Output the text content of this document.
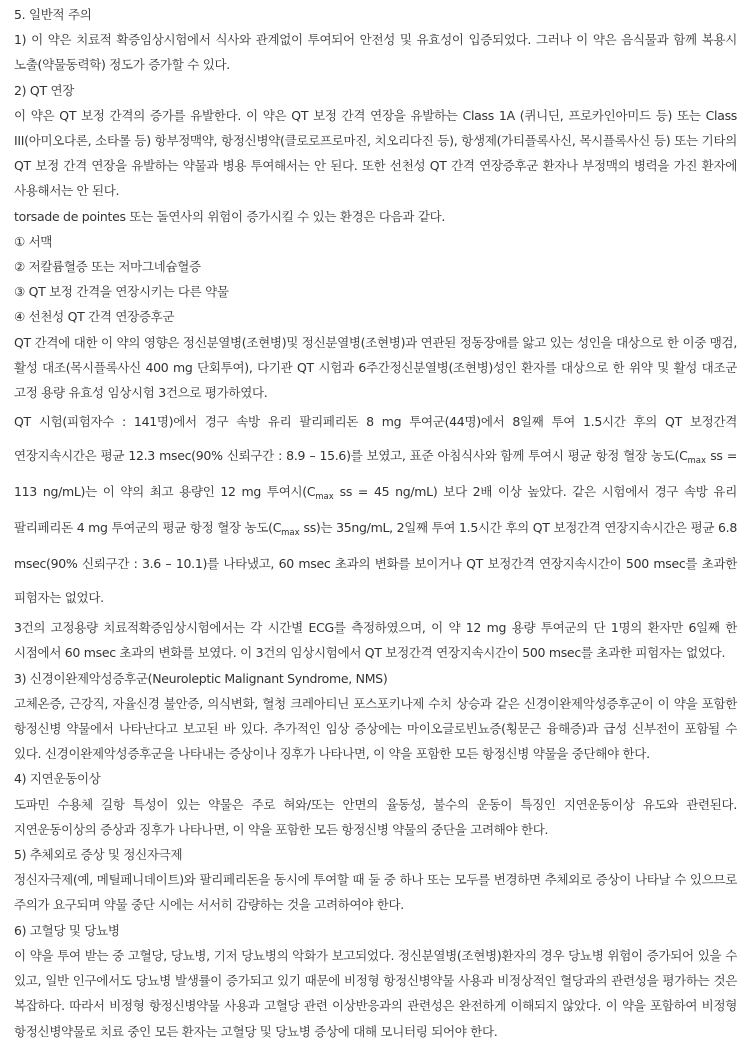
5. 일반적 주의

1) 이 약은 치료적 확증임상시험에서 식사와 관계없이 투여되어 안전성 및 유효성이 입증되었다. 그러나 이 약은 음식물과 함께 복용시 노출(약물동력학) 정도가 증가할 수 있다.

2) QT 연장

이 약은 QT 보정 간격의 증가를 유발한다. 이 약은 QT 보정 간격 연장을 유발하는 Class 1A (퀴니딘, 프로카인아미드 등) 또는 Class III(아미오다론, 소타롤 등) 항부정맥약, 항정신병약(클로로프로마진, 치오리다진 등), 항생제(가티플록사신, 목시플록사신 등) 또는 기타의 QT 보정 간격 연장을 유발하는 약물과 병용 투여해서는 안 된다. 또한 선천성 QT 간격 연장증후군 환자나 부정맥의 병력을 가진 환자에 사용해서는 안 된다.

torsade de pointes 또는 돌연사의 위험이 증가시킬 수 있는 환경은 다음과 같다.

① 서맥

② 저칼륨혈증 또는 저마그네슘혈증

③ QT 보정 간격을 연장시키는 다른 약물

④ 선천성 QT 간격 연장증후군

QT 간격에 대한 이 약의 영향은 정신분열병(조현병)및 정신분열병(조현병)과 연관된 정동장애를 앓고 있는 성인을 대상으로 한 이중 맹검, 활성 대조(목시플록사신 400 mg 단회투여), 다기관 QT 시험과 6주간정신분열병(조현병)성인 환자를 대상으로 한 위약 및 활성 대조군 고정 용량 유효성 임상시험 3건으로 평가하였다.

QT 시험(피험자수 : 141명)에서 경구 속방 유리 팔리페리돈 8 mg 투여군(44명)에서 8일째 투여 1.5시간 후의 QT 보정간격 연장지속시간은 평균 12.3 msec(90% 신뢰구간 : 8.9 – 15.6)를 보였고, 표준 아침식사와 함께 투여시 평균 항정 혈장 농도($C_{max}$ ss = 113 ng/mL)는 이 약의 최고 용량인 12 mg 투여시($C_{max}$ ss = 45 ng/mL) 보다 2배 이상 높았다. 같은 시험에서 경구 속방 유리 팔리페리돈 4 mg 투여군의 평균 항정 혈장 농도($C_{max}$ ss)는 35ng/mL, 2일째 투여 1.5시간 후의 QT 보정간격 연장지속시간은 평균 6.8 msec(90% 신뢰구간 : 3.6 – 10.1)를 나타냈고, 60 msec 초과의 변화를 보이거나 QT 보정간격 연장지속시간이 500 msec를 초과한 피험자는 없었다.

3건의 고정용량 치료적확증임상시험에서는 각 시간별 ECG를 측정하였으며, 이 약 12 mg 용량 투여군의 단 1명의 환자만 6일째 한 시점에서 60 msec 초과의 변화를 보였다. 이 3건의 임상시험에서 QT 보정간격 연장지속시간이 500 msec를 초과한 피험자는 없었다.

3) 신경이완제악성증후군(Neuroleptic Malignant Syndrome, NMS)

고체온증, 근강직, 자율신경 불안증, 의식변화, 혈청 크레아티닌 포스포키나제 수치 상승과 같은 신경이완제악성증후군이 이 약을 포함한 항정신병 약물에서 나타난다고 보고된 바 있다. 추가적인 임상 증상에는 마이오글로빈뇨증(횡문근 융해증)과 급성 신부전이 포함될 수 있다. 신경이완제악성증후군을 나타내는 증상이나 징후가 나타나면, 이 약을 포함한 모든 항정신병 약물을 중단해야 한다.

4) 지연운동이상

도파민 수용체 길항 특성이 있는 약물은 주로 혀와/또는 안면의 율동성, 불수의 운동이 특징인 지연운동이상 유도와 관련된다. 지연운동이상의 증상과 징후가 나타나면, 이 약을 포함한 모든 항정신병 약물의 중단을 고려해야 한다.

5) 추체외로 증상 및 정신자극제

정신자극제(예, 메틸페니데이트)와 팔리페리돈을 동시에 투여할 때 둘 중 하나 또는 모두를 변경하면 추체외로 증상이 나타날 수 있으므로 주의가 요구되며 약물 중단 시에는 서서히 감량하는 것을 고려하여야 한다.

6) 고혈당 및 당뇨병

이 약을 투여 받는 중 고혈당, 당뇨병, 기저 당뇨병의 악화가 보고되었다. 정신분열병(조현병)환자의 경우 당뇨병 위험이 증가되어 있을 수 있고, 일반 인구에서도 당뇨병 발생률이 증가되고 있기 때문에 비정형 항정신병약물 사용과 비정상적인 혈당과의 관련성을 평가하는 것은 복잡하다. 따라서 비정형 항정신병약물 사용과 고혈당 관련 이상반응과의 관련성은 완전하게 이해되지 않았다. 이 약을 포함하여 비정형 항정신병약물로 치료 중인 모든 환자는 고혈당 및 당뇨병 증상에 대해 모니터링 되어야 한다.
